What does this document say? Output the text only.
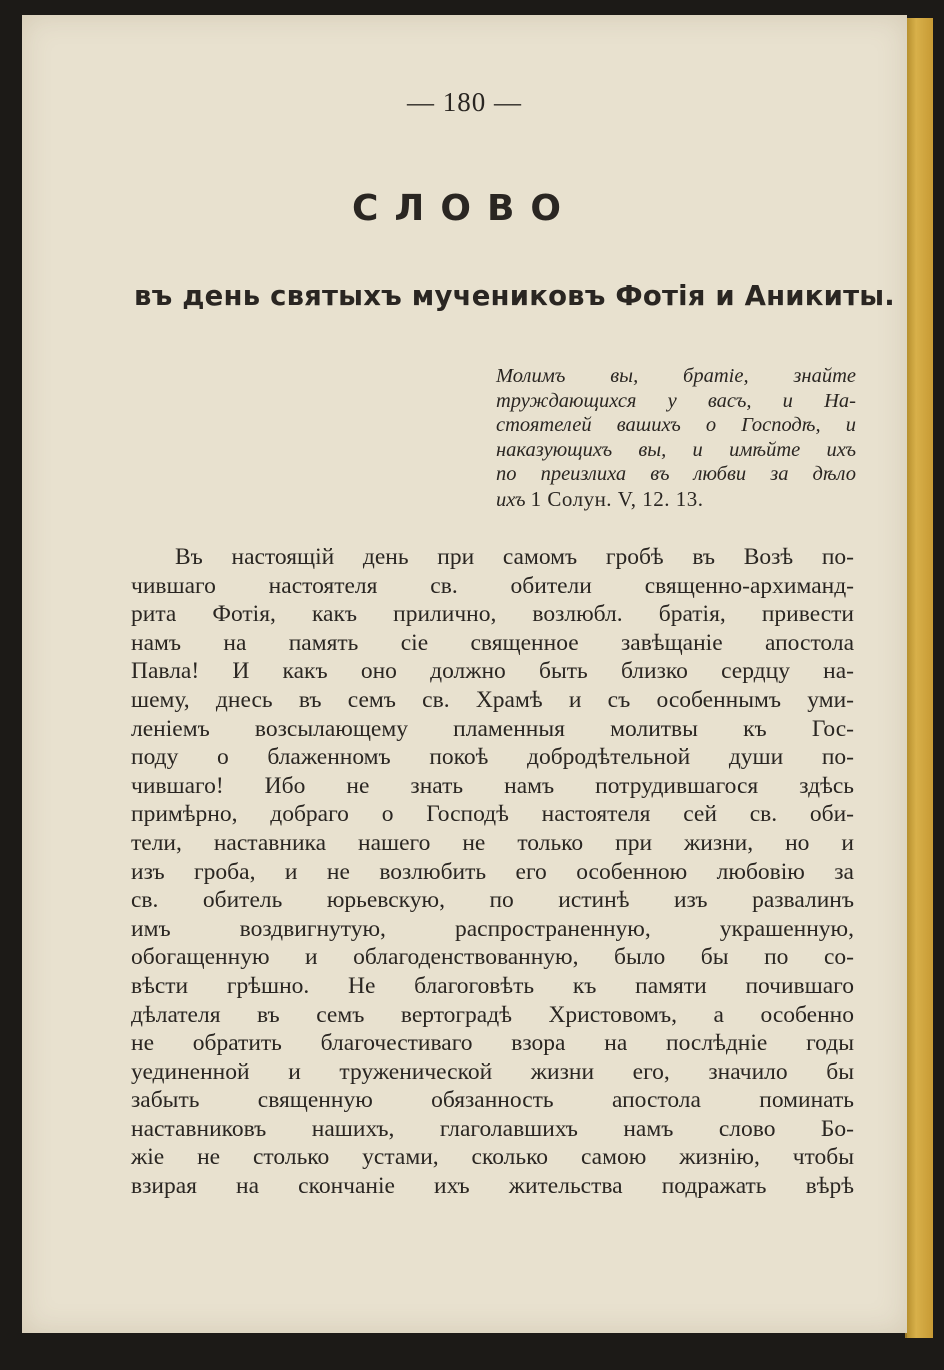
— 180 —
СЛОВО
въ день святыхъ мучениковъ Фотія и Аникиты.
Молимъ вы, братіе, знайте
труждающихся у васъ, и На-
стоятелей вашихъ о Господѣ, и
наказующихъ вы, и имѣйте ихъ
по преизлиха въ любви за дѣло
ихъ 1 Солун. V, 12. 13.
Въ настоящій день при самомъ гробѣ въ Возѣ по-
чившаго настоятеля св. обители священно-архиманд-
рита Фотія, какъ прилично, возлюбл. братія, привести
намъ на память сіе священное завѣщаніе апостола
Павла! И какъ оно должно быть близко сердцу на-
шему, днесь въ семъ св. Храмѣ и съ особеннымъ уми-
леніемъ возсылающему пламенныя молитвы къ Гос-
поду о блаженномъ покоѣ добродѣтельной души по-
чившаго! Ибо не знать намъ потрудившагося здѣсь
примѣрно, добраго о Господѣ настоятеля сей св. оби-
тели, наставника нашего не только при жизни, но и
изъ гроба, и не возлюбить его особенною любовію за
св. обитель юрьевскую, по истинѣ изъ развалинъ
имъ воздвигнутую, распространенную, украшенную,
обогащенную и облагоденствованную, было бы по со-
вѣсти грѣшно. Не благоговѣть къ памяти почившаго
дѣлателя въ семъ вертоградѣ Христовомъ, а особенно
не обратить благочестиваго взора на послѣдніе годы
уединенной и труженической жизни его, значило бы
забыть священную обязанность апостола поминать
наставниковъ нашихъ, глаголавшихъ намъ слово Бо-
жіе не столько устами, сколько самою жизнію, чтобы
взирая на скончаніе ихъ жительства подражать вѣрѣ
